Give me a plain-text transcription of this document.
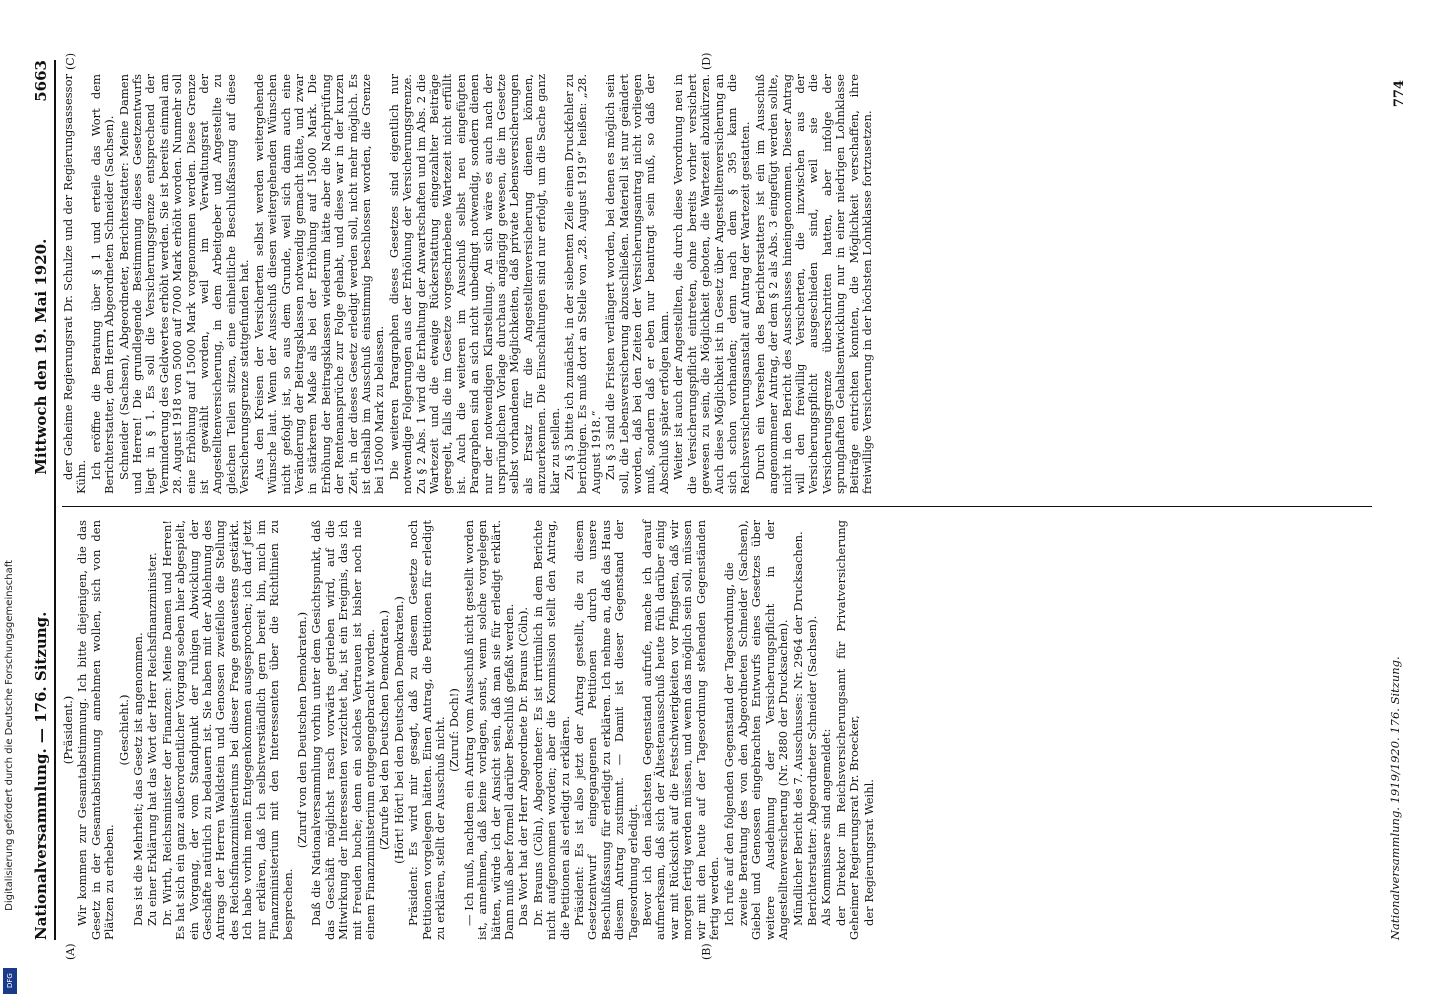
Nationalversammlung. — 176. Sitzung.
Mittwoch den 19. Mai 1920.
5663
(A)	(B)
(C)	(D)

(Präsident.) Wir kommen zur Gesamtabstimmung. Ich bitte diejenigen, die das Gesetz in der Gesamtabstimmung annehmen wollen, sich von den Plätzen zu erheben.

(Geschieht.) Das ist die Mehrheit; das Gesetz ist angenommen. Zu einer Erklärung hat das Wort der Herr Reichsfinanzminister. Dr. Wirth, Reichsminister der Finanzen: Meine Damen und Herren! Es hat sich ein ganz außerordentlicher Vorgang soeben hier abgespielt, ein Vorgang, der vom Standpunkt der ruhigen Abwicklung der Geschäfte natürlich zu bedauern ist. Sie haben mit der Ablehnung des Antrags der Herren Waldstein und Genossen zweifellos die Stellung des Reichsfinanzministeriums bei dieser Frage genauestens gestärkt. Ich habe vorhin mein Entgegenkommen ausgesprochen; ich darf jetzt nur erklären, daß ich selbstverständlich gern bereit bin, mich im Finanzministerium mit den Interessenten über die Richtlinien zu besprechen.

(Zuruf von den Deutschen Demokraten.) Daß die Nationalversammlung vorhin unter dem Gesichtspunkt, daß das Geschäft möglichst rasch vorwärts getrieben wird, auf die Mitwirkung der Interessenten verzichtet hat, ist ein Ereignis, das ich mit Freuden buche; denn ein solches Vertrauen ist bisher noch nie einem Finanzministerium entgegengebracht worden. (Zurufe bei den Deutschen Demokraten.) (Hört! Hört! bei den Deutschen Demokraten.) Präsident: Es wird mir gesagt, daß zu diesem Gesetze noch Petitionen vorgelegen hätten. Einen Antrag, die Petitionen für erledigt zu erklären, stellt der Ausschuß nicht. (Zuruf: Doch!) — Ich muß, nachdem ein Antrag vom Ausschuß nicht gestellt worden ist, annehmen, daß keine vorlagen, sonst, wenn solche vorgelegen hätten, würde ich der Ansicht sein, daß man sie für erledigt erklärt. Dann muß aber formell darüber Beschluß gefaßt werden. Das Wort hat der Herr Abgeordnete Dr. Brauns (Cöln). Dr. Brauns (Cöln), Abgeordneter: Es ist irrtümlich in dem Berichte nicht aufgenommen worden; aber die Kommission stellt den Antrag, die Petitionen als erledigt zu erklären. Präsident: Es ist also jetzt der Antrag gestellt, die zu diesem Gesetzentwurf eingegangenen Petitionen durch unsere Beschlußfassung für erledigt zu erklären. Ich nehme an, daß das Haus diesem Antrag zustimmt. — Damit ist dieser Gegenstand der Tagesordnung erledigt. Bevor ich den nächsten Gegenstand aufrufe, mache ich darauf aufmerksam, daß sich der Ältestenausschuß heute früh darüber einig war mit Rücksicht auf die Festschwierigkeiten vor Pfingsten, daß wir morgen fertig werden müssen, und wenn das möglich sein soll, müssen wir mit den heute auf der Tagesordnung stehenden Gegenständen fertig werden. Ich rufe auf den folgenden Gegenstand der Tagesordnung, die zweite Beratung des von den Abgeordneten Schneider (Sachsen), Giebel und Genossen eingebrachten Entwurfs eines Gesetzes über weitere Ausdehnung der Versicherungspflicht in der Angestelltenversicherung (Nr. 2880 der Drucksachen). Mündlicher Bericht des 7. Ausschusses: Nr. 2964 der Drucksachen. Berichterstatter: Abgeordneter Schneider (Sachsen). Als Kommissare sind angemeldet: der Direktor im Reichsversicherungsamt für Privatversicherung Geheimer Regierungsrat Dr. Broecker, der Regierungsrat Weihl.

der Geheime Regierungsrat Dr. Schulze und der Regierungsassessor Kühn. Ich eröffne die Beratung über § 1 und erteile das Wort dem Berichterstatter, dem Herrn Abgeordneten Schneider (Sachsen). Schneider (Sachsen), Abgeordneter, Berichterstatter: Meine Damen und Herren! Die grundlegende Bestimmung dieses Gesetzentwurfs liegt in § 1. Es soll die Versicherungsgrenze entsprechend der Verminderung des Geldwertes erhöht werden. Sie ist bereits einmal am 28. August 1918 von 5000 auf 7000 Mark erhöht worden. Nunmehr soll eine Erhöhung auf 15000 Mark vorgenommen werden. Diese Grenze ist gewählt worden, weil im Verwaltungsrat der Angestelltenversicherung, in dem Arbeitgeber und Angestellte zu gleichen Teilen sitzen, eine einheitliche Beschlußfassung auf diese Versicherungsgrenze stattgefunden hat. Aus den Kreisen der Versicherten selbst werden weitergehende Wünsche laut. Wenn der Ausschuß diesen weitergehenden Wünschen nicht gefolgt ist, so aus dem Grunde, weil sich dann auch eine Veränderung der Beitragsklassen notwendig gemacht hätte, und zwar in stärkerem Maße als bei der Erhöhung auf 15000 Mark. Die Erhöhung der Beitragsklassen wiederum hätte aber die Nachprüfung der Rentenansprüche zur Folge gehabt, und diese war in der kurzen Zeit, in der dieses Gesetz erledigt werden soll, nicht mehr möglich. Es ist deshalb im Ausschuß einstimmig beschlossen worden, die Grenze bei 15000 Mark zu belassen. Die weiteren Paragraphen dieses Gesetzes sind eigentlich nur notwendige Folgerungen aus der Erhöhung der Versicherungsgrenze. Zu § 2 Abs. 1 wird die Erhaltung der Anwartschaften und im Abs. 2 die Wartezeit und die etwaige Rückerstattung eingezahlter Beiträge geregelt, falls die im Gesetze vorgeschriebene Wartezeit nicht erfüllt ist. Auch die weiteren im Ausschuß selbst neu eingefügten Paragraphen sind an sich nicht unbedingt notwendig, sondern dienen nur der notwendigen Klarstellung. An sich wäre es auch nach der ursprünglichen Vorlage durchaus angängig gewesen, die im Gesetze selbst vorhandenen Möglichkeiten, daß private Lebensversicherungen als Ersatz für die Angestelltenversicherung dienen können, anzuerkennen. Die Einschaltungen sind nur erfolgt, um die Sache ganz klar zu stellen. Zu § 3 bitte ich zunächst, in der siebenten Zeile einen Druckfehler zu berichtigen. Es muß dort an Stelle von „28. August 1919“ heißen: „28. August 1918.“ Zu § 3 sind die Fristen verlängert worden, bei denen es möglich sein soll, die Lebensversicherung abzuschließen. Materiell ist nur geändert worden, daß bei den Zeiten der Versicherungsantrag nicht vorliegen muß, sondern daß er eben nur beantragt sein muß, so daß der Abschluß später erfolgen kann. Weiter ist auch der Angestellten, die durch diese Verordnung neu in die Versicherungspflicht eintreten, ohne bereits vorher versichert gewesen zu sein, die Möglichkeit geboten, die Wartezeit abzukürzen. Auch diese Möglichkeit ist in Gesetz über Angestelltenversicherung an sich schon vorhanden; denn nach dem § 395 kann die Reichsversicherungsanstalt auf Antrag der Wartezeit gestatten. Durch ein Versehen des Berichterstatters ist ein im Ausschuß angenommener Antrag, der dem § 2 als Abs. 3 eingefügt werden sollte, nicht in den Bericht des Ausschusses hineingenommen. Dieser Antrag will den freiwillig Versicherten, die inzwischen aus der Versicherungspflicht ausgeschieden sind, weil sie die Versicherungsgrenze überschritten hatten, aber infolge der sprunghaften Gehaltsentwicklung nur in einer niedrigen Lohnklasse Beiträge entrichten konnten, die Möglichkeit verschaffen, ihre freiwillige Versicherung in der höchsten Lohnklasse fortzusetzen.

Nationalversammlung. 1919/1920. 176. Sitzung.
774
Digitalisierung gefördert durch die Deutsche Forschungsgemeinschaft
DFG
